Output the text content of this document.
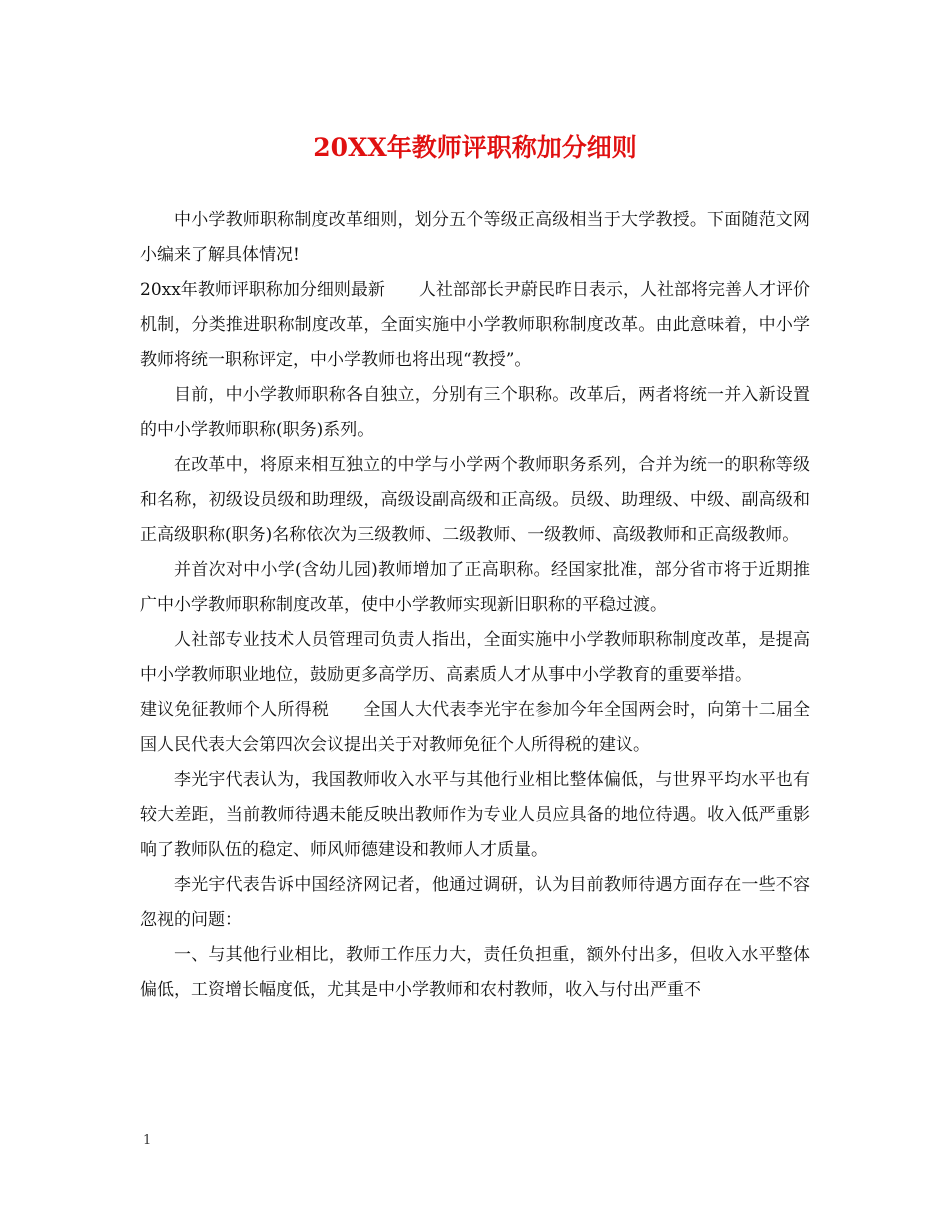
20XX年教师评职称加分细则

中小学教师职称制度改革细则，划分五个等级正高级相当于大学教授。下面随范文网小编来了解具体情况!

20xx年教师评职称加分细则最新　　人社部部长尹蔚民昨日表示，人社部将完善人才评价机制，分类推进职称制度改革，全面实施中小学教师职称制度改革。由此意味着，中小学教师将统一职称评定，中小学教师也将出现“教授”。

目前，中小学教师职称各自独立，分别有三个职称。改革后，两者将统一并入新设置的中小学教师职称(职务)系列。

在改革中，将原来相互独立的中学与小学两个教师职务系列，合并为统一的职称等级和名称，初级设员级和助理级，高级设副高级和正高级。员级、助理级、中级、副高级和正高级职称(职务)名称依次为三级教师、二级教师、一级教师、高级教师和正高级教师。

并首次对中小学(含幼儿园)教师增加了正高职称。经国家批准，部分省市将于近期推广中小学教师职称制度改革，使中小学教师实现新旧职称的平稳过渡。

人社部专业技术人员管理司负责人指出，全面实施中小学教师职称制度改革，是提高中小学教师职业地位，鼓励更多高学历、高素质人才从事中小学教育的重要举措。

建议免征教师个人所得税　　全国人大代表李光宇在参加今年全国两会时，向第十二届全国人民代表大会第四次会议提出关于对教师免征个人所得税的建议。

李光宇代表认为，我国教师收入水平与其他行业相比整体偏低，与世界平均水平也有较大差距，当前教师待遇未能反映出教师作为专业人员应具备的地位待遇。收入低严重影响了教师队伍的稳定、师风师德建设和教师人才质量。

李光宇代表告诉中国经济网记者，他通过调研，认为目前教师待遇方面存在一些不容忽视的问题：

一、与其他行业相比，教师工作压力大，责任负担重，额外付出多，但收入水平整体偏低，工资增长幅度低，尤其是中小学教师和农村教师，收入与付出严重不

1
